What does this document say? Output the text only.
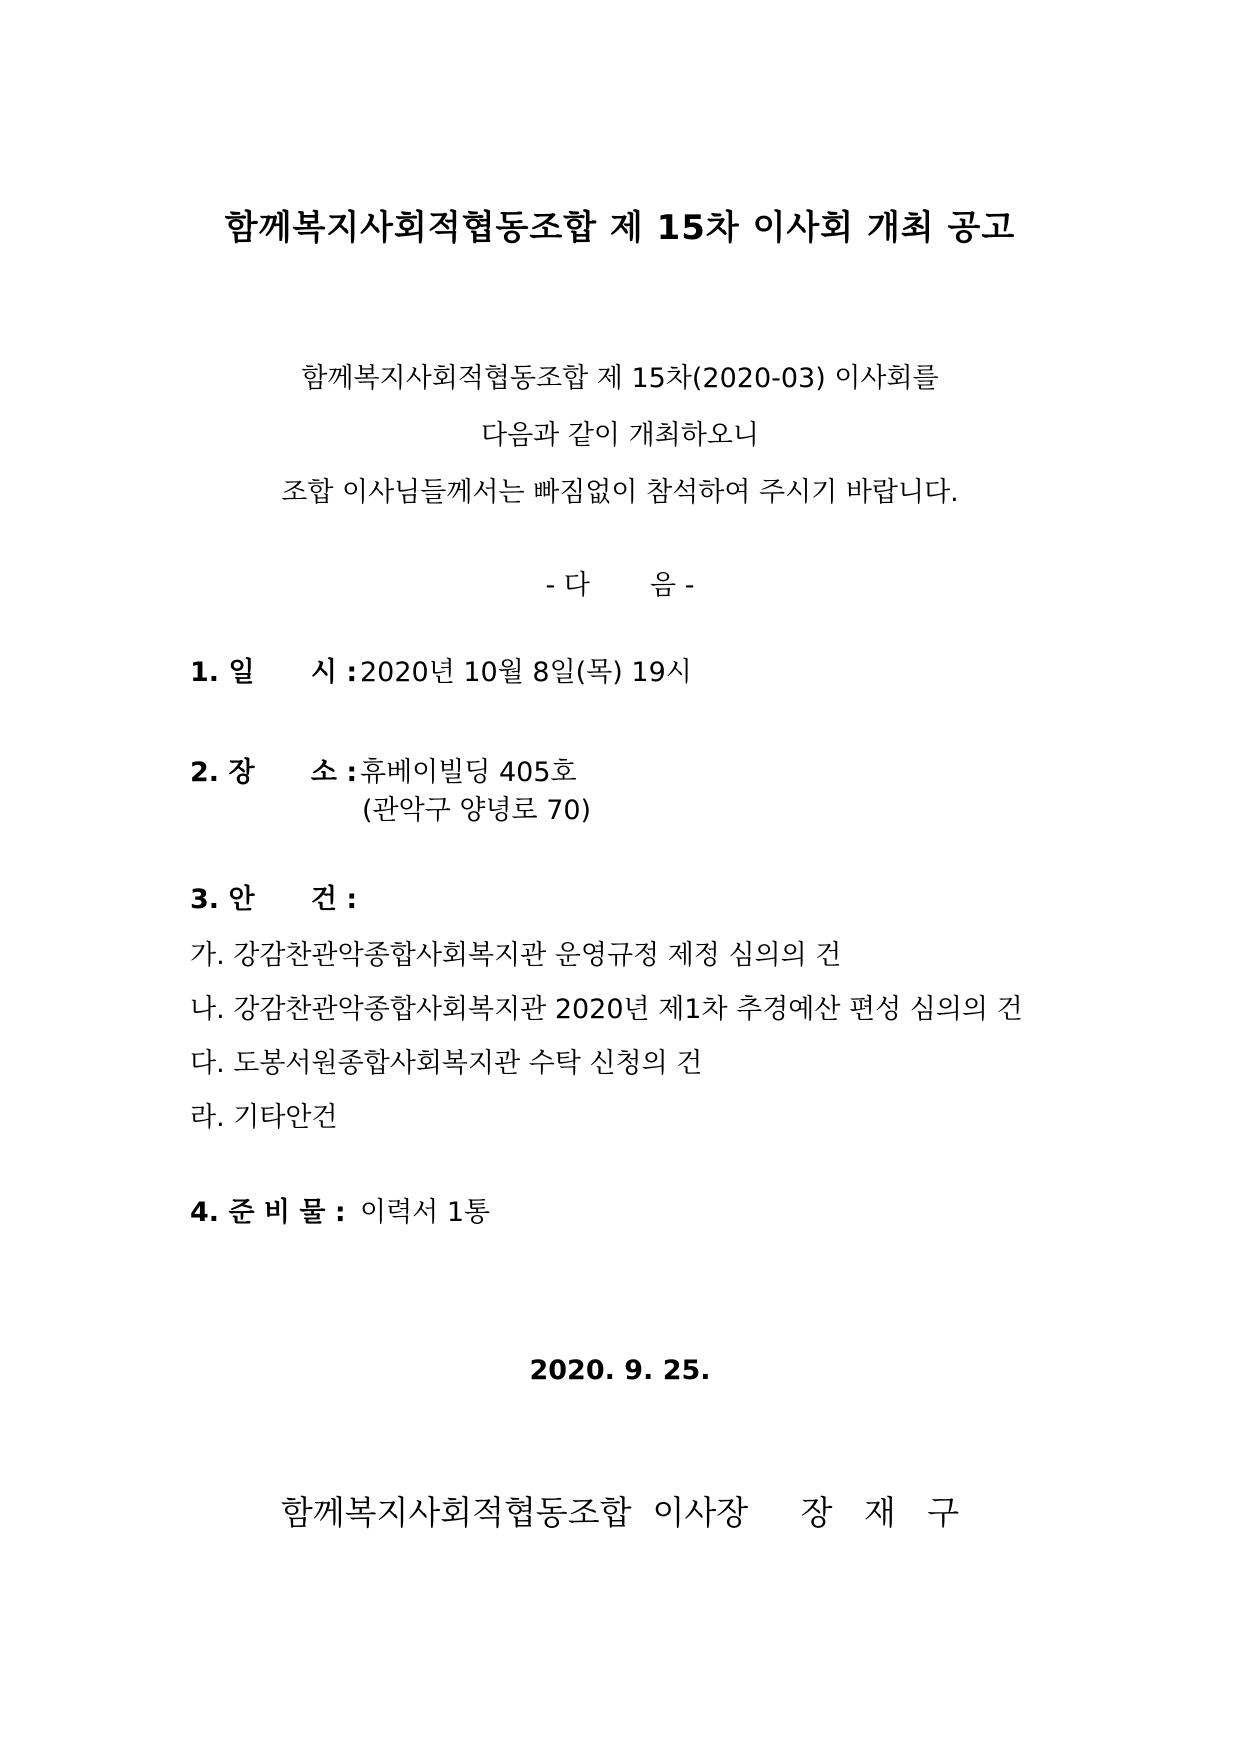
함께복지사회적협동조합 제 15차 이사회 개최 공고
함께복지사회적협동조합 제 15차(2020-03) 이사회를
다음과 같이 개최하오니
조합 이사님들께서는 빠짐없이 참석하여 주시기 바랍니다.
- 다       음 -
1. 일      시 : 2020년 10월 8일(목) 19시
2. 장      소 : 휴베이빌딩 405호
(관악구 양녕로 70)
3. 안      건 :
가. 강감찬관악종합사회복지관 운영규정 제정 심의의 건
나. 강감찬관악종합사회복지관 2020년 제1차 추경예산 편성 심의의 건
다. 도봉서원종합사회복지관 수탁 신청의 건
라. 기타안건
4. 준 비 물 : 이력서 1통
2020. 9. 25.
함께복지사회적협동조합  이사장     장   재   구
